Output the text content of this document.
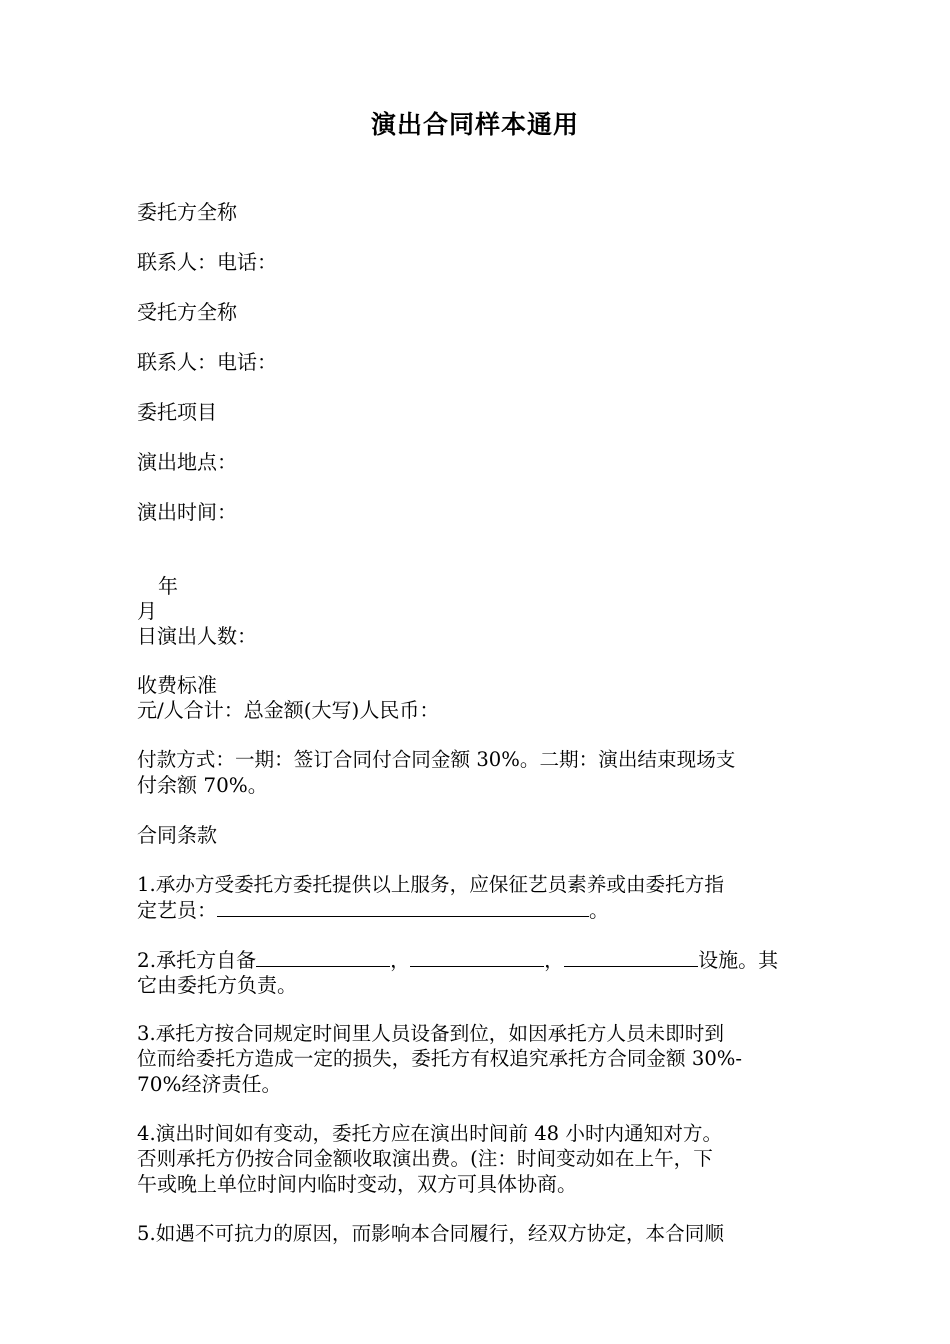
演出合同样本通用
委托方全称
联系人：电话：
受托方全称
联系人：电话：
委托项目
演出地点：
演出时间：
年
月
日演出人数：
收费标准
元/人合计：总金额(大写)人民币：
付款方式：一期：签订合同付合同金额 30%。二期：演出结束现场支
付余额 70%。
合同条款
1.承办方受委托方委托提供以上服务，应保征艺员素养或由委托方指
定艺员：	。
2.承托方自备	，	，	设施。其
它由委托方负责。
3.承托方按合同规定时间里人员设备到位，如因承托方人员未即时到
位而给委托方造成一定的损失，委托方有权追究承托方合同金额 30%-
70%经济责任。
4.演出时间如有变动，委托方应在演出时间前 48 小时内通知对方。
否则承托方仍按合同金额收取演出费。(注：时间变动如在上午，下
午或晚上单位时间内临时变动，双方可具体协商。
5.如遇不可抗力的原因，而影响本合同履行，经双方协定，本合同顺
